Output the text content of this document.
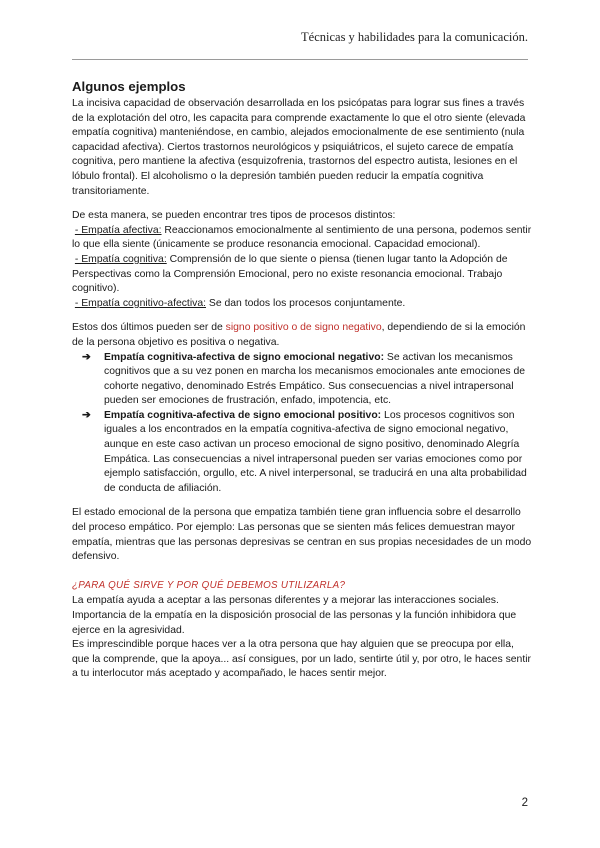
Técnicas y habilidades para la comunicación.
Algunos ejemplos

La incisiva capacidad de observación desarrollada en los psicópatas para lograr sus fines a través de la explotación del otro, les capacita para comprende exactamente lo que el otro siente (elevada empatía cognitiva) manteniéndose, en cambio, alejados emocionalmente de ese sentimiento (nula capacidad afectiva). Ciertos trastornos neurológicos y psiquiátricos, el sujeto carece de empatía cognitiva, pero mantiene la afectiva (esquizofrenia, trastornos del espectro autista, lesiones en el lóbulo frontal). El alcoholismo o la depresión también pueden reducir la empatía cognitiva transitoriamente.

De esta manera, se pueden encontrar tres tipos de procesos distintos:

- Empatía afectiva: Reaccionamos emocionalmente al sentimiento de una persona, podemos sentir lo que ella siente (únicamente se produce resonancia emocional. Capacidad emocional).

- Empatía cognitiva: Comprensión de lo que siente o piensa (tienen lugar tanto la Adopción de Perspectivas como la Comprensión Emocional, pero no existe resonancia emocional. Trabajo cognitivo).

- Empatía cognitivo-afectiva: Se dan todos los procesos conjuntamente.

Estos dos últimos pueden ser de signo positivo o de signo negativo, dependiendo de si la emoción de la persona objetivo es positiva o negativa.

➔ Empatía cognitiva-afectiva de signo emocional negativo: Se activan los mecanismos cognitivos que a su vez ponen en marcha los mecanismos emocionales ante emociones de cohorte negativo, denominado Estrés Empático. Sus consecuencias a nivel intrapersonal pueden ser emociones de frustración, enfado, impotencia, etc.
➔ Empatía cognitiva-afectiva de signo emocional positivo: Los procesos cognitivos son iguales a los encontrados en la empatía cognitiva-afectiva de signo emocional negativo, aunque en este caso activan un proceso emocional de signo positivo, denominado Alegría Empática. Las consecuencias a nivel intrapersonal pueden ser varias emociones como por ejemplo satisfacción, orgullo, etc. A nivel interpersonal, se traducirá en una alta probabilidad de conducta de afiliación.

El estado emocional de la persona que empatiza también tiene gran influencia sobre el desarrollo del proceso empático. Por ejemplo: Las personas que se sienten más felices demuestran mayor empatía, mientras que las personas depresivas se centran en sus propias necesidades de un modo defensivo.

¿PARA QUÉ SIRVE Y POR QUÉ DEBEMOS UTILIZARLA?

La empatía ayuda a aceptar a las personas diferentes y a mejorar las interacciones sociales.

Importancia de la empatía en la disposición prosocial de las personas y la función inhibidora que ejerce en la agresividad.

Es imprescindible porque haces ver a la otra persona que hay alguien que se preocupa por ella, que la comprende, que la apoya... así consigues, por un lado, sentirte útil y, por otro, le haces sentir a tu interlocutor más aceptado y acompañado, le haces sentir mejor.

2
